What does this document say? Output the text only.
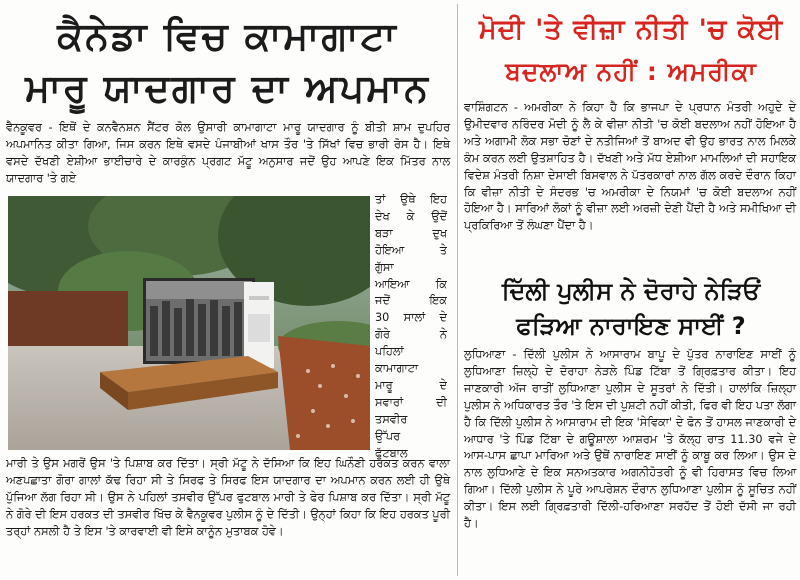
ਕੈਨੇਡਾ ਵਿਚ ਕਾਮਾਗਾਟਾ
ਮਾਰੂ ਯਾਦਗਾਰ ਦਾ ਅਪਮਾਨ

ਵੈਨਕੂਵਰ - ਇਥੋਂ ਦੇ ਕਨਵੈਨਸ਼ਨ ਸੈਂਟਰ ਕੋਲ ਉਸਾਰੀ ਕਾਮਾਗਾਟਾ ਮਾਰੂ ਯਾਦਗਾਰ ਨੂੰ ਬੀਤੀ ਸ਼ਾਮ ਦੁਪਹਿਰ ਅਪਮਾਨਿਤ ਕੀਤਾ ਗਿਆ, ਜਿਸ ਕਰਨ ਇਥੇ ਵਸਦੇ ਪੰਜਾਬੀਆਂ ਖਾਸ ਤੌਰ 'ਤੇ ਸਿੱਖਾਂ ਵਿਚ ਭਾਰੀ ਰੋਸ ਹੈ। ਇਥੇ ਵਸਦੇ ਦੱਖਣੀ ਏਸ਼ੀਆ ਭਾਈਚਾਰੇ ਦੇ ਕਾਰਕੁੰਨ ਪ੍ਰਗਟ ਮੱਟੂ ਅਨੁਸਾਰ ਜਦੋਂ ਉਹ ਆਪਣੇ ਇਕ ਮਿੱਤਰ ਨਾਲ ਯਾਦਗਾਰ 'ਤੇ ਗਏ

ਤਾਂ ਉਥੇ ਇਹ
ਦੇਖ ਕੇ ਉਦੋਂ
ਬੜਾ ਦੁਖ
ਹੋਇਆ ਤੇ
ਗੁੱਸਾ
ਆਇਆ ਕਿ
ਜਦੋਂ ਇਕ
30 ਸਾਲਾਂ ਦੇ
ਗੋਰੇ ਨੇ
ਪਹਿਲਾਂ
ਕਾਮਾਗਾਟਾ
ਮਾਰੂ ਦੇ
ਸਵਾਰਾਂ ਦੀ
ਤਸਵੀਰ
ਉੱਪਰ
ਫੁੱਟਬਾਲ

ਮਾਰੀ ਤੇ ਉਸ ਮਗਰੋਂ ਉਸ 'ਤੇ ਪਿਸ਼ਾਬ ਕਰ ਦਿੱਤਾ। ਸ੍ਰੀ ਮੱਟੂ ਨੇ ਦੱਸਿਆ ਕਿ ਇਹ ਘਿਨੌਣੀ ਹਰਕਤ ਕਰਨ ਵਾਲਾ ਅਣਪਛਾਤਾ ਗੋਰਾ ਗਾਲਾਂ ਕੱਢ ਰਿਹਾ ਸੀ ਤੇ ਸਿਰਫ ਤੇ ਸਿਰਫ ਇਸ ਯਾਦਗਾਰ ਦਾ ਅਪਮਾਨ ਕਰਨ ਲਈ ਹੀ ਉਥੇ ਪੁੱਜਿਆ ਲੱਗ ਰਿਹਾ ਸੀ। ਉਸ ਨੇ ਪਹਿਲਾਂ ਤਸਵੀਰ ਉੱਪਰ ਫੁਟਬਾਲ ਮਾਰੀ ਤੇ ਫੇਰ ਪਿਸ਼ਾਬ ਕਰ ਦਿੱਤਾ। ਸ੍ਰੀ ਮੱਟੂ ਨੇ ਗੋਰੇ ਦੀ ਇਸ ਹਰਕਤ ਦੀ ਤਸਵੀਰ ਖਿੱਚ ਕੇ ਵੈਨਕੂਵਰ ਪੁਲੀਸ ਨੂੰ ਦੇ ਦਿੱਤੀ। ਉਨ੍ਹਾਂ ਕਿਹਾ ਕਿ ਇਹ ਹਰਕਤ ਪੂਰੀ ਤਰ੍ਹਾਂ ਨਸਲੀ ਹੈ ਤੇ ਇਸ 'ਤੇ ਕਾਰਵਾਈ ਵੀ ਇਸੇ ਕਾਨੂੰਨ ਮੁਤਾਬਕ ਹੋਵੇ।

ਮੋਦੀ 'ਤੇ ਵੀਜ਼ਾ ਨੀਤੀ 'ਚ ਕੋਈ
ਬਦਲਾਅ ਨਹੀਂ : ਅਮਰੀਕਾ

ਵਾਸ਼ਿੰਗਟਨ - ਅਮਰੀਕਾ ਨੇ ਕਿਹਾ ਹੈ ਕਿ ਭਾਜਪਾ ਦੇ ਪ੍ਰਧਾਨ ਮੰਤਰੀ ਅਹੁਦੇ ਦੇ ਉਮੀਦਵਾਰ ਨਰਿੰਦਰ ਮੋਦੀ ਨੂੰ ਲੈ ਕੇ ਵੀਜ਼ਾ ਨੀਤੀ 'ਚ ਕੋਈ ਬਦਲਾਅ ਨਹੀਂ ਹੋਇਆ ਹੈ ਅਤੇ ਅਗਾਮੀ ਲੋਕ ਸਭਾ ਚੋਣਾਂ ਦੇ ਨਤੀਜਿਆਂ ਤੋਂ ਬਾਅਦ ਵੀ ਉਹ ਭਾਰਤ ਨਾਲ ਮਿਲਕੇ ਕੰਮ ਕਰਨ ਲਈ ਉਤਸ਼ਾਹਿਤ ਹੈ। ਦੱਖਣੀ ਅਤੇ ਮੱਧ ਏਸ਼ੀਆ ਮਾਮਲਿਆਂ ਦੀ ਸਹਾਇਕ ਵਿਦੇਸ਼ ਮੰਤਰੀ ਨਿਸ਼ਾ ਦੇਸਾਈ ਬਿਸਵਾਲ ਨੇ ਪੱਤਰਕਾਰਾਂ ਨਾਲ ਗੱਲ ਕਰਦੇ ਦੌਰਾਨ ਕਿਹਾ ਕਿ ਵੀਜ਼ਾ ਨੀਤੀ ਦੇ ਸੰਦਰਭ 'ਚ ਅਮਰੀਕਾ ਦੇ ਨਿਯਮਾਂ 'ਚ ਕੋਈ ਬਦਲਾਅ ਨਹੀਂ ਹੋਇਆ ਹੈ। ਸਾਰਿਆਂ ਲੋਕਾਂ ਨੂੰ ਵੀਜ਼ਾ ਲਈ ਅਰਜ਼ੀ ਦੇਣੀ ਪੈਂਦੀ ਹੈ ਅਤੇ ਸਮੀਖਿਆ ਦੀ ਪ੍ਰਕਿਰਿਆ ਤੋਂ ਲੰਘਣਾ ਪੈਂਦਾ ਹੈ।

ਦਿੱਲੀ ਪੁਲੀਸ ਨੇ ਦੋਰਾਹੇ ਨੇੜਿਓਂ
ਫੜਿਆ ਨਾਰਾਇਣ ਸਾਈਂ ?

ਲੁਧਿਆਣਾ - ਦਿੱਲੀ ਪੁਲੀਸ ਨੇ ਆਸਾਰਾਮ ਬਾਪੂ ਦੇ ਪੁੱਤਰ ਨਾਰਾਇਣ ਸਾਈਂ ਨੂੰ ਲੁਧਿਆਣਾ ਜ਼ਿਲ੍ਹੇ ਦੇ ਦੋਰਾਹਾ ਨੇੜਲੇ ਪਿੰਡ ਟਿੱਬਾ ਤੋਂ ਗ੍ਰਿਫ਼ਤਾਰ ਕੀਤਾ। ਇਹ ਜਾਣਕਾਰੀ ਅੱਜ ਰਾਤੀਂ ਲੁਧਿਆਣਾ ਪੁਲੀਸ ਦੇ ਸੂਤਰਾਂ ਨੇ ਦਿੱਤੀ। ਹਾਲਾਂਕਿ ਜ਼ਿਲ੍ਹਾ ਪੁਲੀਸ ਨੇ ਅਧਿਕਾਰਤ ਤੌਰ 'ਤੇ ਇਸ ਦੀ ਪੁਸ਼ਟੀ ਨਹੀਂ ਕੀਤੀ, ਫਿਰ ਵੀ ਇਹ ਪਤਾ ਲੱਗਾ ਹੈ ਕਿ ਦਿੱਲੀ ਪੁਲੀਸ ਨੇ ਆਸਾਰਾਮ ਦੀ ਇਕ 'ਸੇਵਿਕਾ' ਦੇ ਫੋਨ ਤੋਂ ਹਾਸਲ ਜਾਣਕਾਰੀ ਦੇ ਆਧਾਰ 'ਤੇ ਪਿੰਡ ਟਿੱਬਾ ਦੇ ਗਊਸ਼ਾਲਾ ਆਸ਼ਰਮ 'ਤੇ ਕੱਲ੍ਹ ਰਾਤ 11.30 ਵਜੇ ਦੇ ਆਸ-ਪਾਸ ਛਾਪਾ ਮਾਰਿਆ ਅਤੇ ਉਥੋਂ ਨਾਰਾਇਣ ਸਾਈਂ ਨੂੰ ਕਾਬੂ ਕਰ ਲਿਆ। ਉਸ ਦੇ ਨਾਲ ਲੁਧਿਆਣੇ ਦੇ ਇਕ ਸਨਅਤਕਾਰ ਅਗਨੀਹੋਤਰੀ ਨੂੰ ਵੀ ਹਿਰਾਸਤ ਵਿਚ ਲਿਆ ਗਿਆ। ਦਿੱਲੀ ਪੁਲੀਸ ਨੇ ਪੂਰੇ ਆਪਰੇਸ਼ਨ ਦੌਰਾਨ ਲੁਧਿਆਣਾ ਪੁਲੀਸ ਨੂੰ ਸੂਚਿਤ ਨਹੀਂ ਕੀਤਾ। ਇਸ ਲਈ ਗ੍ਰਿਫ਼ਤਾਰੀ ਦਿੱਲੀ-ਹਰਿਆਣਾ ਸਰਹੱਦ ਤੋਂ ਹੋਈ ਦੱਸੀ ਜਾ ਰਹੀ ਹੈ।
